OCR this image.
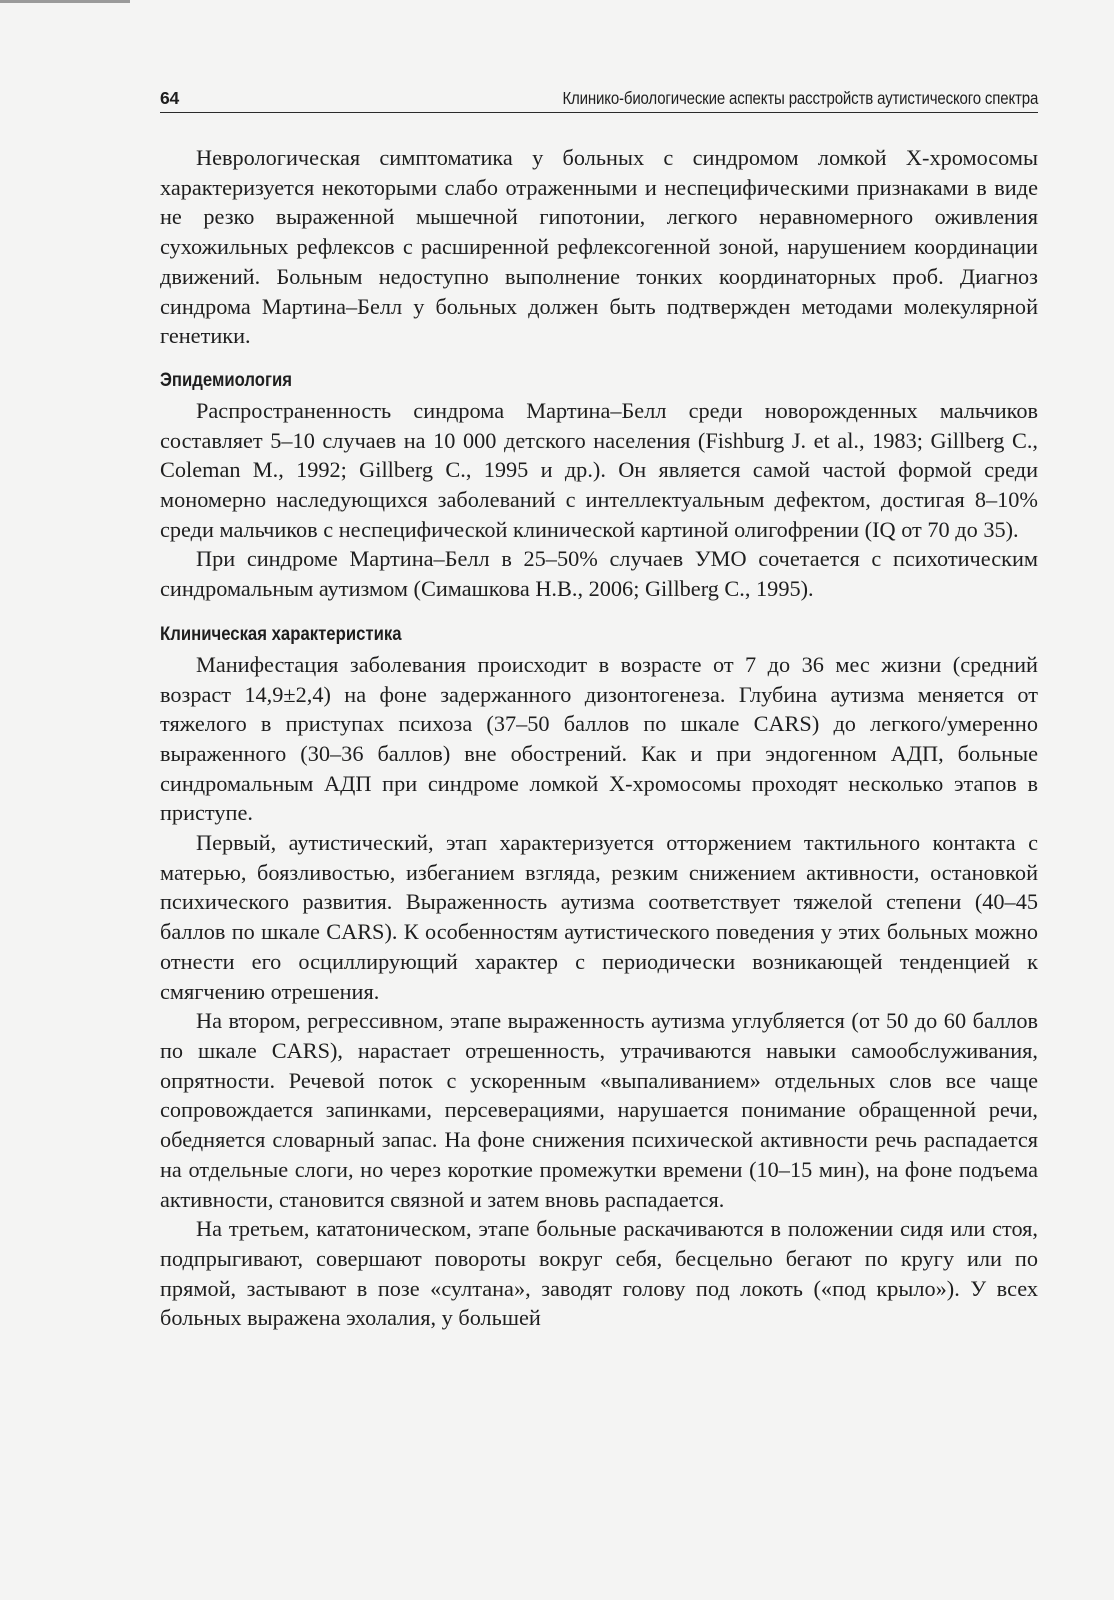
64	Клинико-биологические аспекты расстройств аутистического спектра

Неврологическая симптоматика у больных с синдромом ломкой Х-хромосомы характеризуется некоторыми слабо отраженными и неспецифическими признаками в виде не резко выраженной мышечной гипотонии, легкого неравномерного оживления сухожильных рефлексов с расширенной рефлексогенной зоной, нарушением координации движений. Больным недоступно выполнение тонких координаторных проб. Диагноз синдрома Мартина–Белл у больных должен быть подтвержден методами молекулярной генетики.

Эпидемиология

Распространенность синдрома Мартина–Белл среди новорожденных мальчиков составляет 5–10 случаев на 10 000 детского населения (Fishburg J. et al., 1983; Gillberg C., Coleman M., 1992; Gillberg C., 1995 и др.). Он является самой частой формой среди мономерно наследующихся заболеваний с интеллектуальным дефектом, достигая 8–10% среди мальчиков с неспецифической клинической картиной олигофрении (IQ от 70 до 35).

При синдроме Мартина–Белл в 25–50% случаев УМО сочетается с психотическим синдромальным аутизмом (Симашкова Н.В., 2006; Gillberg C., 1995).

Клиническая характеристика

Манифестация заболевания происходит в возрасте от 7 до 36 мес жизни (средний возраст 14,9±2,4) на фоне задержанного дизонтогенеза. Глубина аутизма меняется от тяжелого в приступах психоза (37–50 баллов по шкале CARS) до легкого/умеренно выраженного (30–36 баллов) вне обострений. Как и при эндогенном АДП, больные синдромальным АДП при синдроме ломкой Х-хромосомы проходят несколько этапов в приступе.

Первый, аутистический, этап характеризуется отторжением тактильного контакта с матерью, боязливостью, избеганием взгляда, резким снижением активности, остановкой психического развития. Выраженность аутизма соответствует тяжелой степени (40–45 баллов по шкале CARS). К особенностям аутистического поведения у этих больных можно отнести его осциллирующий характер с периодически возникающей тенденцией к смягчению отрешения.

На втором, регрессивном, этапе выраженность аутизма углубляется (от 50 до 60 баллов по шкале CARS), нарастает отрешенность, утрачиваются навыки самообслуживания, опрятности. Речевой поток с ускоренным «выпаливанием» отдельных слов все чаще сопровождается запинками, персеверациями, нарушается понимание обращенной речи, обедняется словарный запас. На фоне снижения психической активности речь распадается на отдельные слоги, но через короткие промежутки времени (10–15 мин), на фоне подъема активности, становится связной и затем вновь распадается.

На третьем, кататоническом, этапе больные раскачиваются в положении сидя или стоя, подпрыгивают, совершают повороты вокруг себя, бесцельно бегают по кругу или по прямой, застывают в позе «султана», заводят голову под локоть («под крыло»). У всех больных выражена эхолалия, у большей
